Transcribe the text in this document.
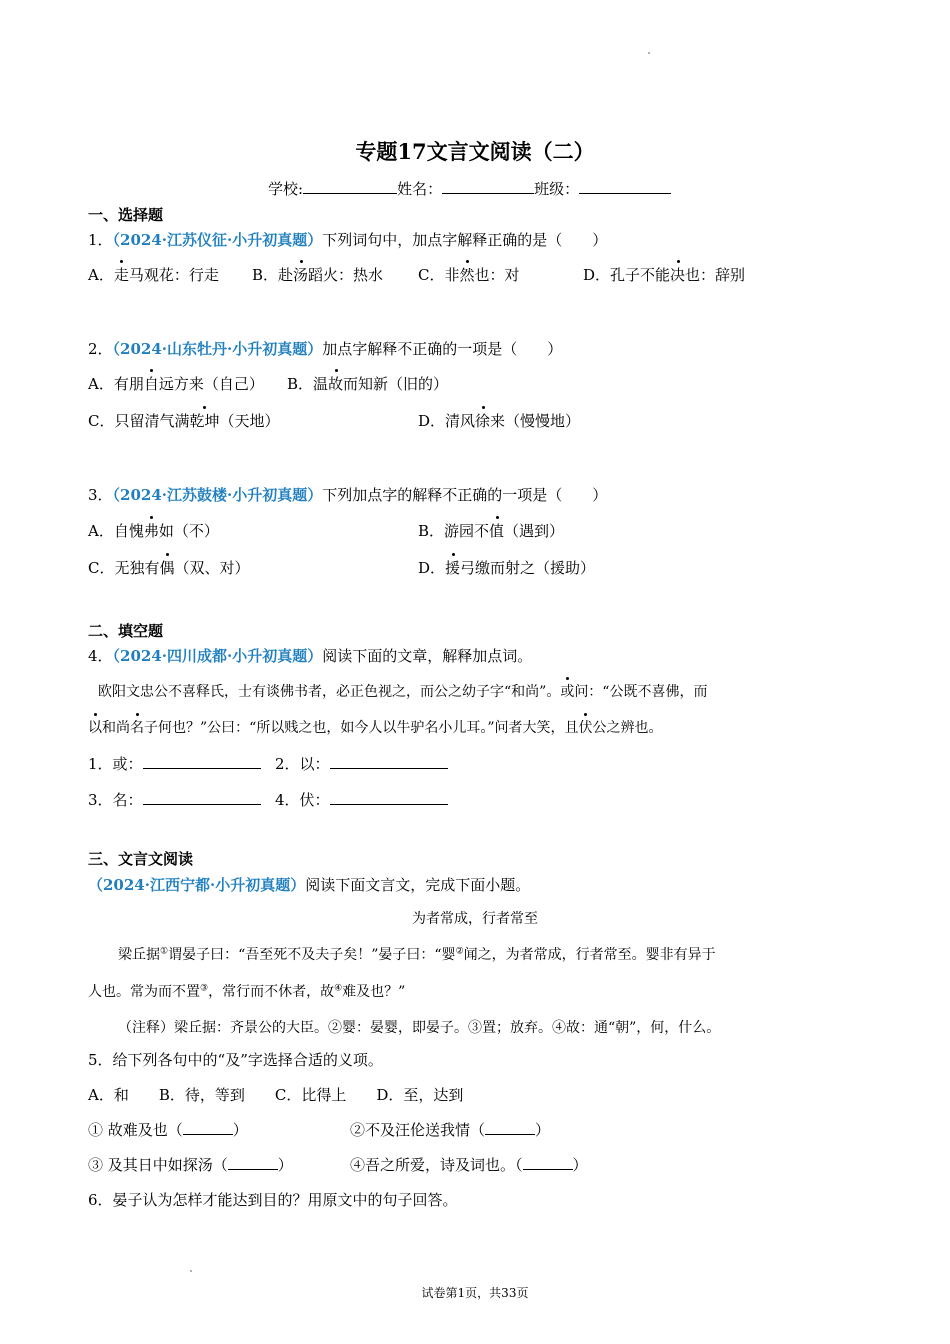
专题17文言文阅读（二）
学校:	姓名：	班级：
一、选择题
1．（2024·江苏仪征·小升初真题）下列词句中，加点字解释正确的是（　　）
A．走马观花：行走 B．赴汤蹈火：热水 C．非然也：对	D．孔子不能决也：辞别
2．（2024·山东牡丹·小升初真题）加点字解释不正确的一项是（　　）
A．有朋自远方来（自己） B．温故而知新（旧的）
C．只留清气满乾坤（天地）	D．清风徐来（慢慢地）
3．（2024·江苏鼓楼·小升初真题）下列加点字的解释不正确的一项是（　　）
A．自愧弗如（不）	B．游园不值（遇到）
C．无独有偶（双、对）	D．援弓缴而射之（援助）
二、填空题
4．（2024·四川成都·小升初真题）阅读下面的文章，解释加点词。
欧阳文忠公不喜释氏，士有谈佛书者，必正色视之，而公之幼子字“和尚”。或问：“公既不喜佛，而
以和尚名子何也？”公曰：“所以贱之也，如今人以牛驴名小儿耳。”问者大笑，且伏公之辨也。
1．或：	2．以：
3．名：	4．伏：
三、文言文阅读
（2024·江西宁都·小升初真题）阅读下面文言文，完成下面小题。
为者常成，行者常至
梁丘据①谓晏子曰：“吾至死不及夫子矣！”晏子曰：“婴②闻之，为者常成，行者常至。婴非有异于
人也。常为而不置③，常行而不休者，故④难及也？”
（注释）梁丘据：齐景公的大臣。②婴：晏婴，即晏子。③置；放弃。④故：通“朝”，何，什么。
5．给下列各句中的“及”字选择合适的义项。
A．和　　B．待，等到　　C．比得上　　D．至，达到
① 故难及也（	）	②不及汪伦送我情（	）
③ 及其日中如探汤（	）	④吾之所爱，诗及词也。（	）
6．晏子认为怎样才能达到目的？用原文中的句子回答。
试卷第1页，共33页
